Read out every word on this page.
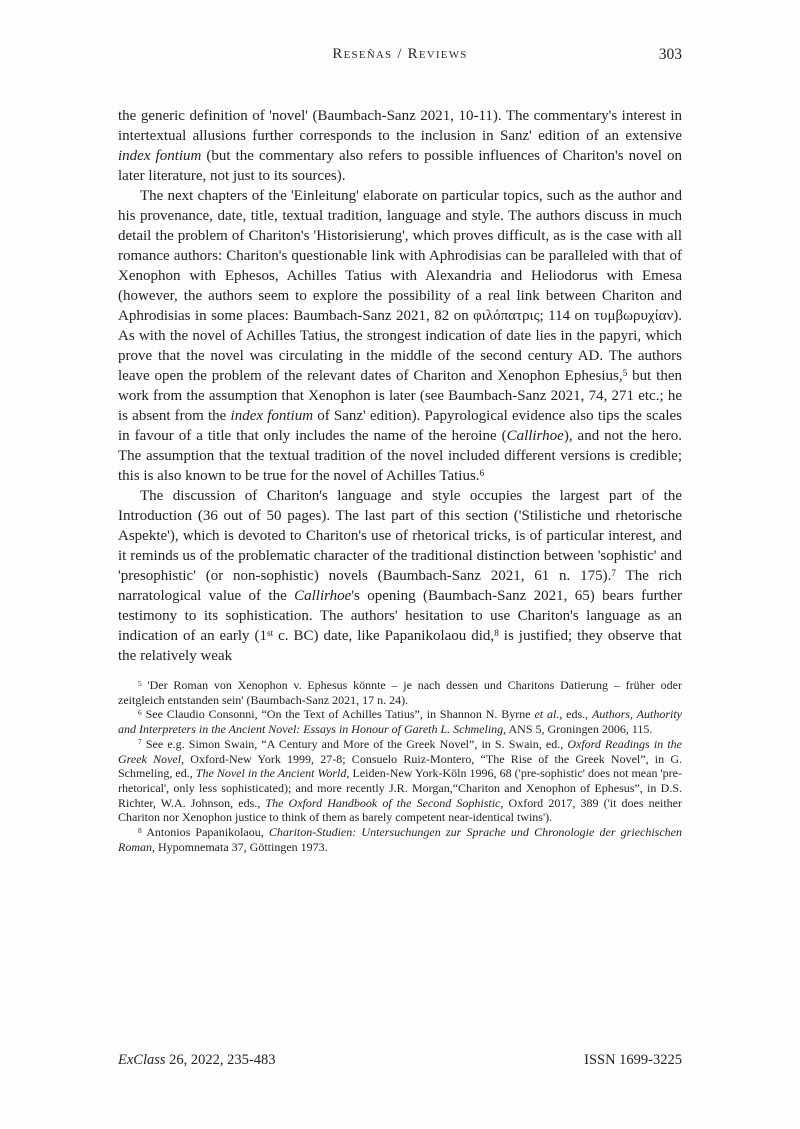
Reseñas / Reviews	303

the generic definition of 'novel' (Baumbach-Sanz 2021, 10-11). The commentary's interest in intertextual allusions further corresponds to the inclusion in Sanz' edition of an extensive index fontium (but the commentary also refers to possible influences of Chariton's novel on later literature, not just to its sources).

The next chapters of the 'Einleitung' elaborate on particular topics, such as the author and his provenance, date, title, textual tradition, language and style. The authors discuss in much detail the problem of Chariton's 'Historisierung', which proves difficult, as is the case with all romance authors: Chariton's questionable link with Aphrodisias can be paralleled with that of Xenophon with Ephesos, Achilles Tatius with Alexandria and Heliodorus with Emesa (however, the authors seem to explore the possibility of a real link between Chariton and Aphrodisias in some places: Baumbach-Sanz 2021, 82 on φιλόπατρις; 114 on τυμβωρυχίαν). As with the novel of Achilles Tatius, the strongest indication of date lies in the papyri, which prove that the novel was circulating in the middle of the second century AD. The authors leave open the problem of the relevant dates of Chariton and Xenophon Ephesius,$^5$ but then work from the assumption that Xenophon is later (see Baumbach-Sanz 2021, 74, 271 etc.; he is absent from the index fontium of Sanz' edition). Papyrological evidence also tips the scales in favour of a title that only includes the name of the heroine (Callirhoe), and not the hero. The assumption that the textual tradition of the novel included different versions is credible; this is also known to be true for the novel of Achilles Tatius.$^6$

The discussion of Chariton's language and style occupies the largest part of the Introduction (36 out of 50 pages). The last part of this section ('Stilistiche und rhetorische Aspekte'), which is devoted to Chariton's use of rhetorical tricks, is of particular interest, and it reminds us of the problematic character of the traditional distinction between 'sophistic' and 'presophistic' (or non-sophistic) novels (Baumbach-Sanz 2021, 61 n. 175).$^7$ The rich narratological value of the Callirhoe's opening (Baumbach-Sanz 2021, 65) bears further testimony to its sophistication. The authors' hesitation to use Chariton's language as an indication of an early (1st c. BC) date, like Papanikolaou did,$^8$ is justified; they observe that the relatively weak

$^5$ 'Der Roman von Xenophon v. Ephesus könnte – je nach dessen und Charitons Datierung – früher oder zeitgleich entstanden sein' (Baumbach-Sanz 2021, 17 n. 24).

$^6$ See Claudio Consonni, “On the Text of Achilles Tatius”, in Shannon N. Byrne et al., eds., Authors, Authority and Interpreters in the Ancient Novel: Essays in Honour of Gareth L. Schmeling, ANS 5, Groningen 2006, 115.

$^7$ See e.g. Simon Swain, “A Century and More of the Greek Novel”, in S. Swain, ed., Oxford Readings in the Greek Novel, Oxford-New York 1999, 27-8; Consuelo Ruiz-Montero, “The Rise of the Greek Novel”, in G. Schmeling, ed., The Novel in the Ancient World, Leiden-New York-Köln 1996, 68 ('pre-sophistic' does not mean 'pre-rhetorical', only less sophisticated); and more recently J.R. Morgan,“Chariton and Xenophon of Ephesus”, in D.S. Richter, W.A. Johnson, eds., The Oxford Handbook of the Second Sophistic, Oxford 2017, 389 ('it does neither Chariton nor Xenophon justice to think of them as barely competent near-identical twins').

$^8$ Antonios Papanikolaou, Chariton-Studien: Untersuchungen zur Sprache und Chronologie der griechischen Roman, Hypomnemata 37, Göttingen 1973.

ExClass 26, 2022, 235-483	ISSN 1699-3225
